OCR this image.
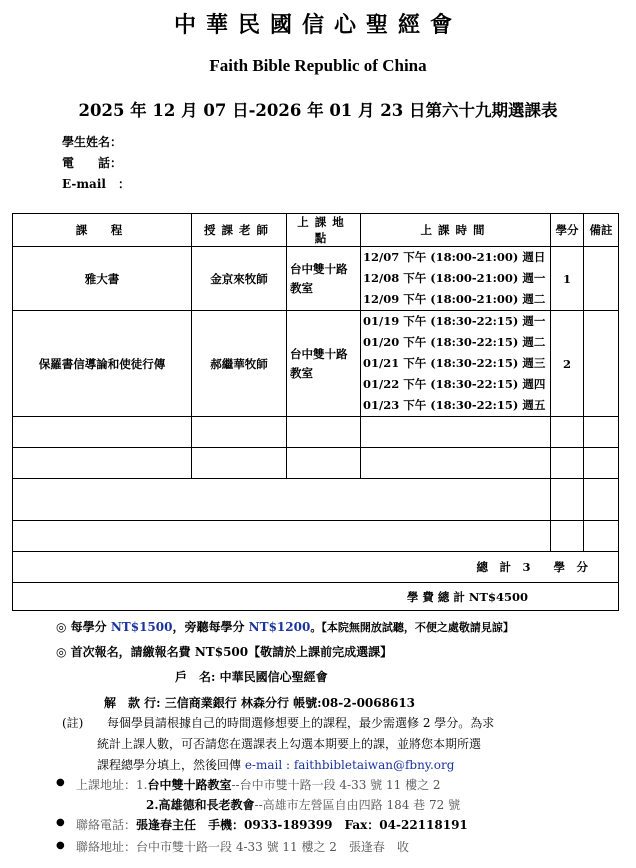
中華民國信心聖經會
Faith Bible Republic of China
2025 年 12 月 07 日-2026 年 01 月 23 日第六十九期選課表
學生姓名：
電　　話：
E-mail　：
課　程	授課老師	上課地點	上課時間	學分	備註
雅大書	金京來牧師	台中雙十路教室	12/07 下午 (18:00-21:00) 週日
12/08 下午 (18:00-21:00) 週一
12/09 下午 (18:00-21:00) 週二	1	
保羅書信導論和使徒行傳	郝繼華牧師	台中雙十路教室	01/19 下午 (18:30-22:15) 週一
01/20 下午 (18:30-22:15) 週二
01/21 下午 (18:30-22:15) 週三
01/22 下午 (18:30-22:15) 週四
01/23 下午 (18:30-22:15) 週五	2	

總　計　3　　學　分					
學 費 總 計 NT$4500					
◎ 每學分 NT$1500，旁聽每學分 NT$1200。【本院無開放試聽，不便之處敬請見諒】
◎ 首次報名，請繳報名費 NT$500【敬請於上課前完成選課】
戶　名: 中華民國信心聖經會
解　款 行: 三信商業銀行 林森分行 帳號:08-2-0068613
(註) 每個學員請根據自己的時間選修想要上的課程，最少需選修 2 學分。為求
統計上課人數，可否請您在選課表上勾選本期要上的課，並將您本期所選
課程總學分填上，然後回傳 e-mail : faithbibletaiwan@fbny.org
● 上課地址：1.台中雙十路教室--台中市雙十路一段 4-33 號 11 樓之 2
2.高雄德和長老教會--高雄市左營區自由四路 184 巷 72 號
● 聯絡電話：張逢春主任　手機：0933-189399　Fax：04-22118191
● 聯絡地址：台中市雙十路一段 4-33 號 11 樓之 2　張逢春　收
